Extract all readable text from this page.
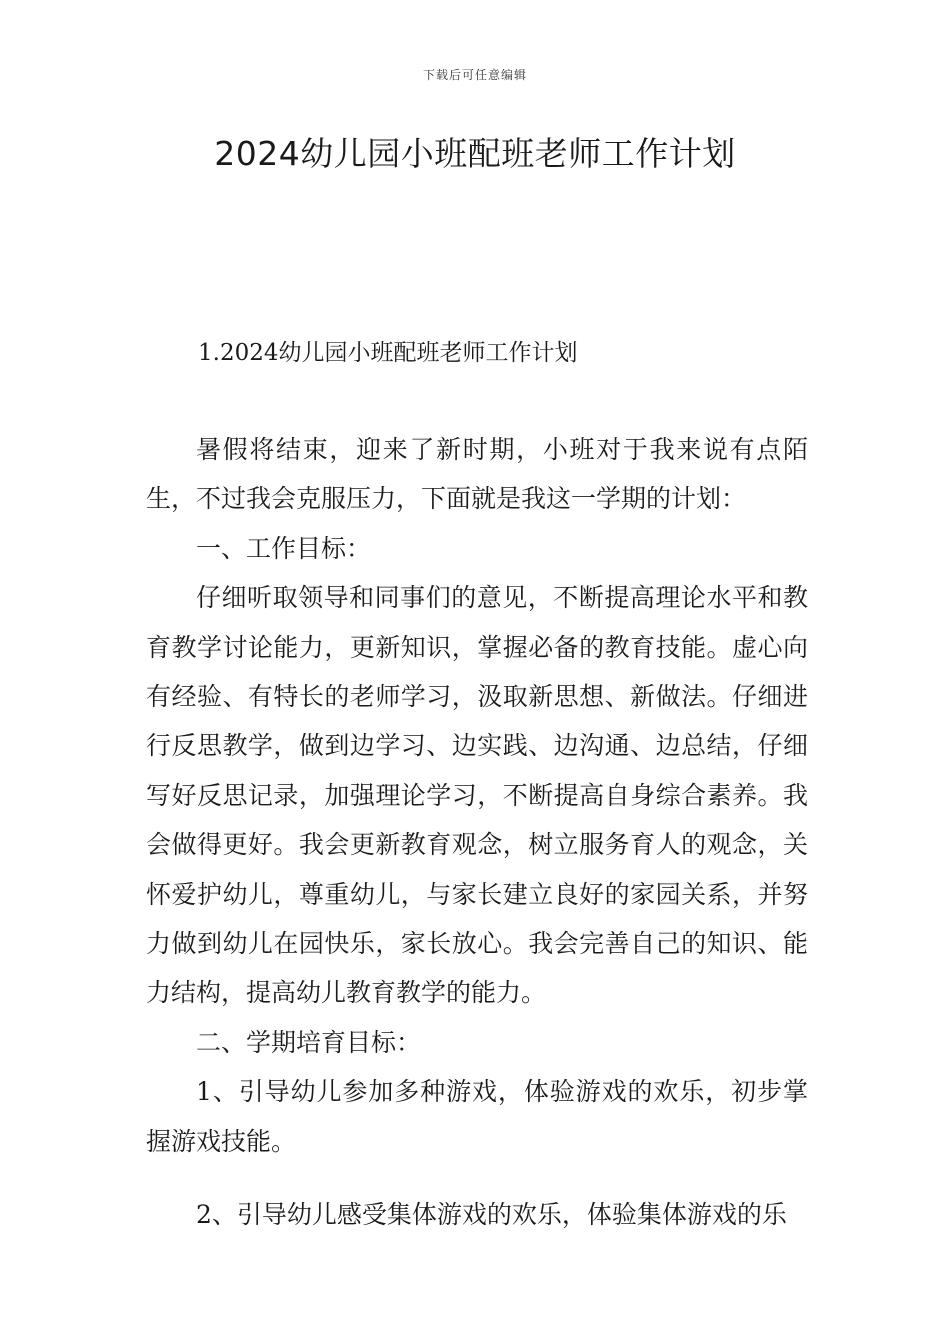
下载后可任意编辑
2024幼儿园小班配班老师工作计划
1.2024幼儿园小班配班老师工作计划

暑假将结束，迎来了新时期，小班对于我来说有点陌生，不过我会克服压力，下面就是我这一学期的计划：

一、工作目标：

仔细听取领导和同事们的意见，不断提高理论水平和教育教学讨论能力，更新知识，掌握必备的教育技能。虚心向有经验、有特长的老师学习，汲取新思想、新做法。仔细进行反思教学，做到边学习、边实践、边沟通、边总结，仔细写好反思记录，加强理论学习，不断提高自身综合素养。我会做得更好。我会更新教育观念，树立服务育人的观念，关怀爱护幼儿，尊重幼儿，与家长建立良好的家园关系，并努力做到幼儿在园快乐，家长放心。我会完善自己的知识、能力结构，提高幼儿教育教学的能力。

二、学期培育目标：

1、引导幼儿参加多种游戏，体验游戏的欢乐，初步掌握游戏技能。

2、引导幼儿感受集体游戏的欢乐，体验集体游戏的乐
